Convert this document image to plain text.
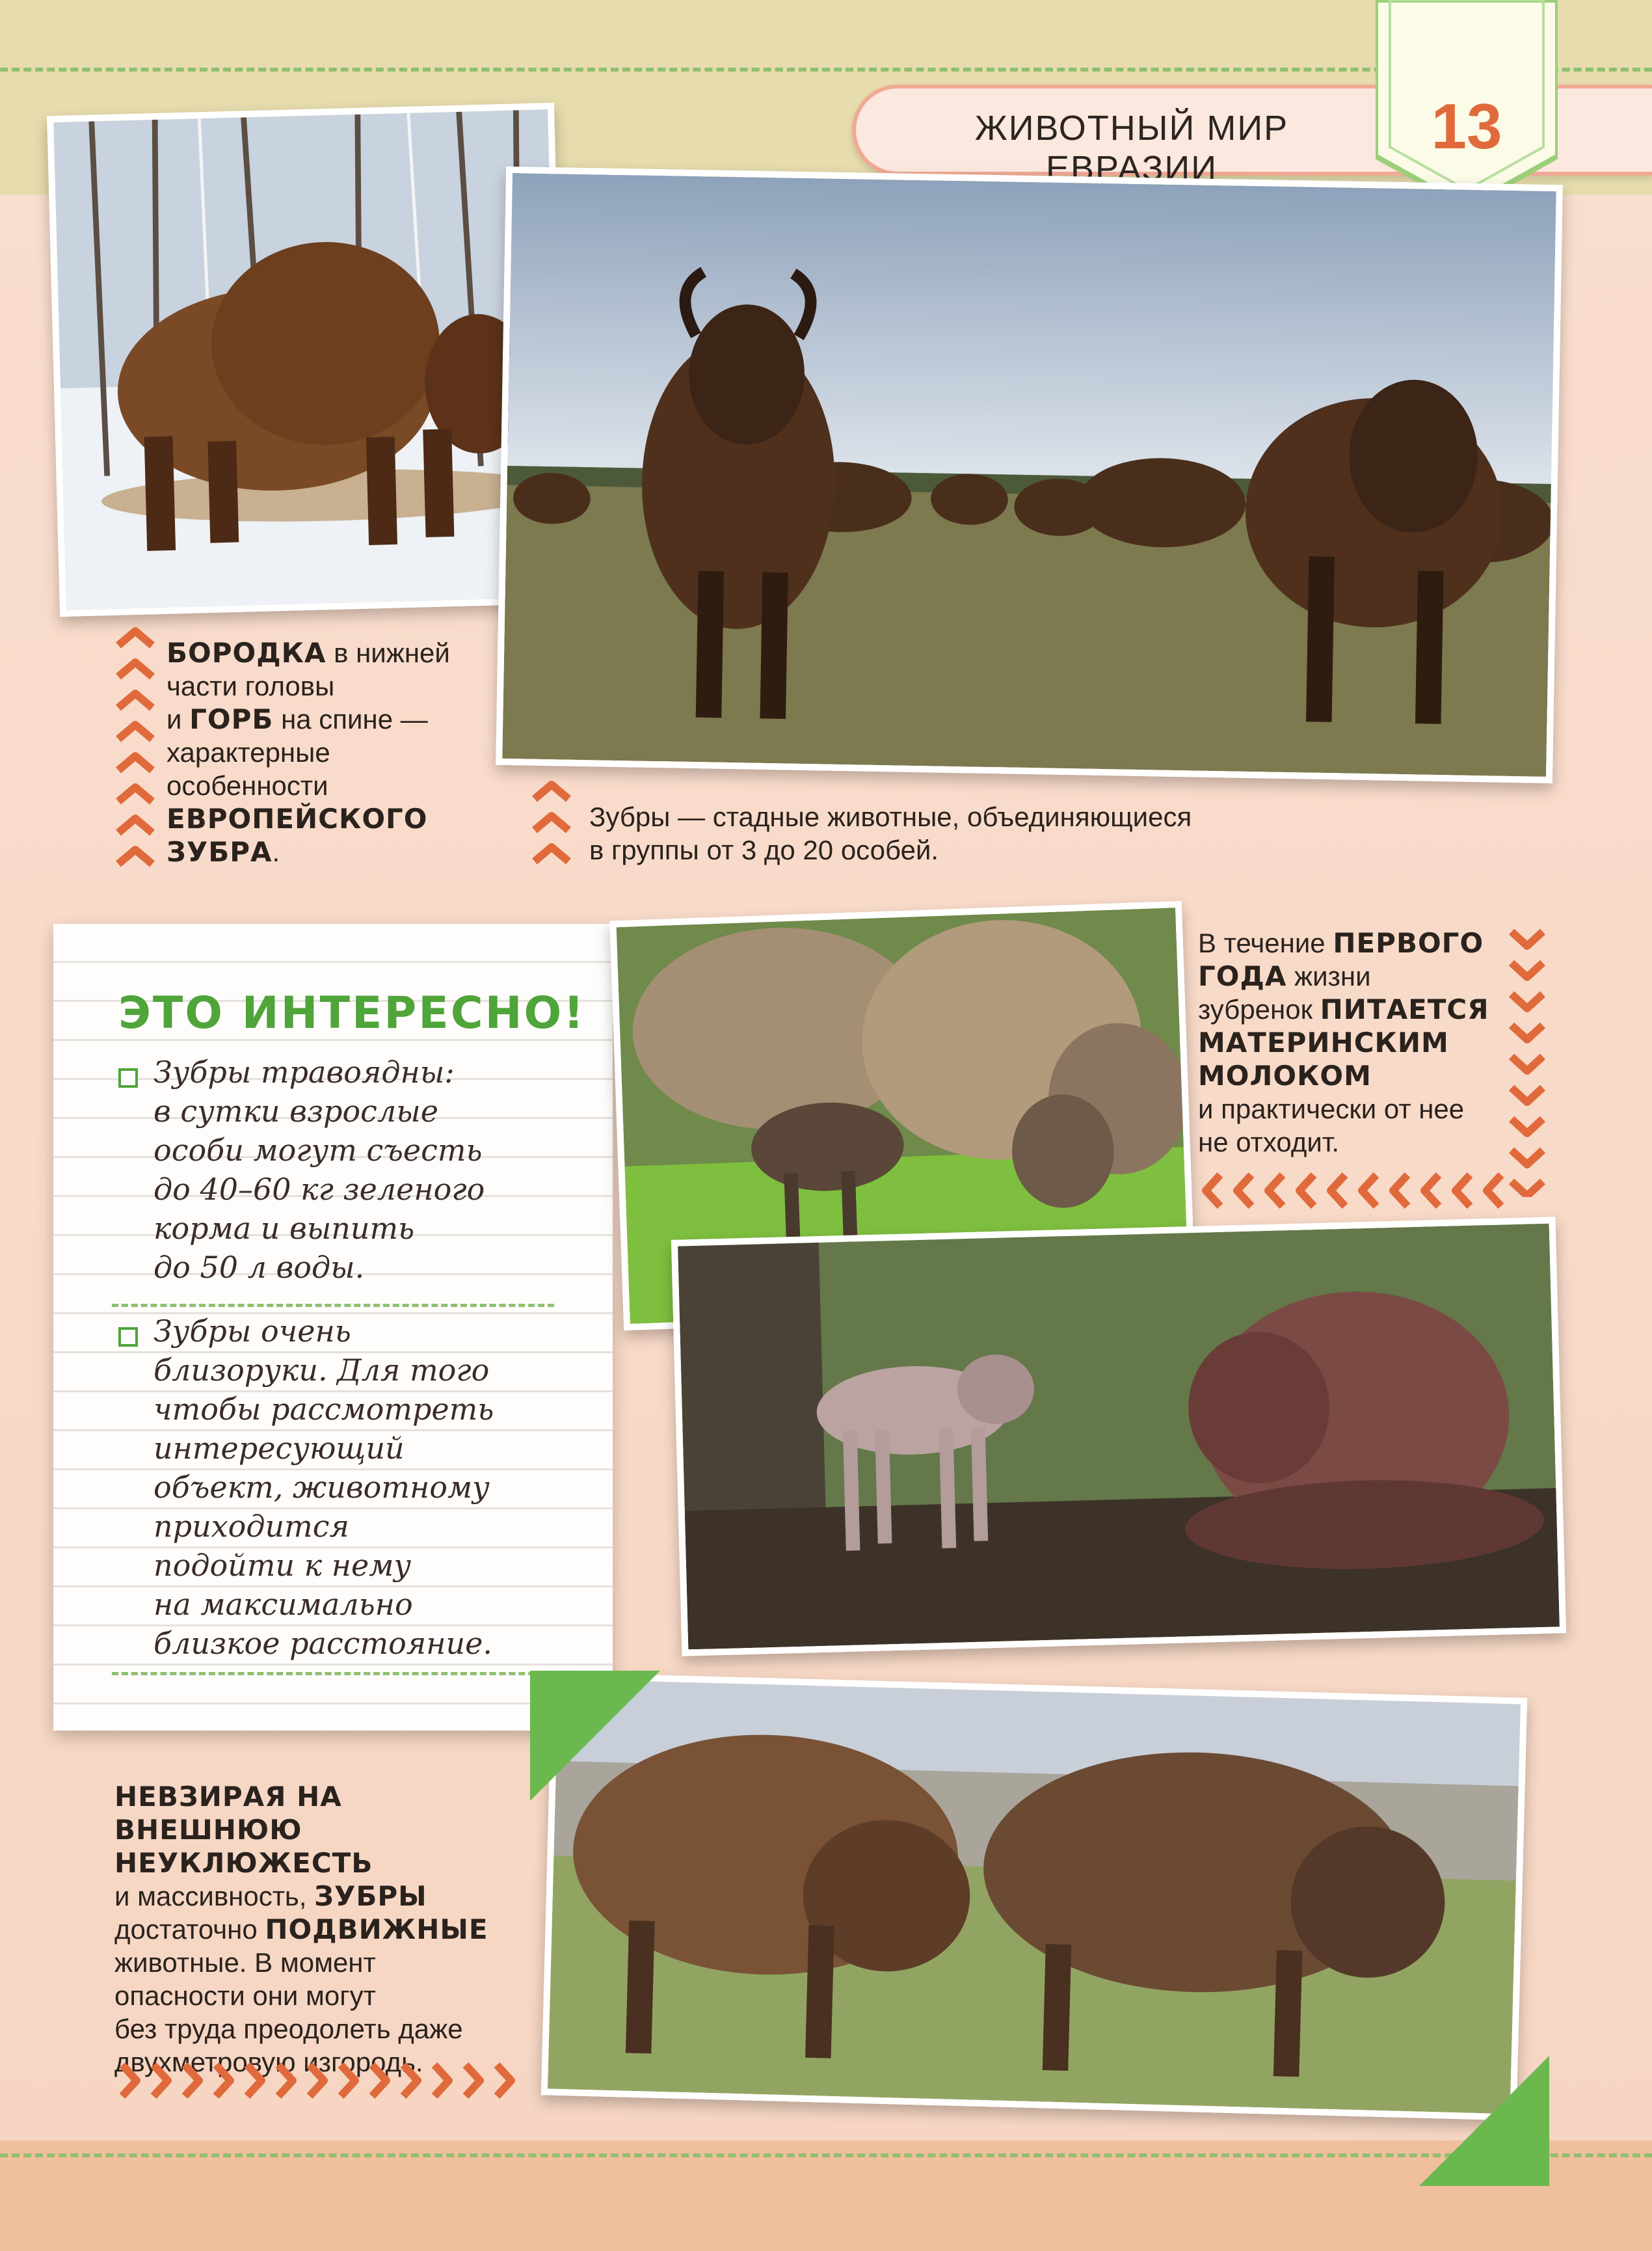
ЖИВОТНЫЙ МИР ЕВРАЗИИ
13
БОРОДКА в нижней
части головы
и ГОРБ на спине —
характерные
особенности
ЕВРОПЕЙСКОГО
ЗУБРА.
Зубры — стадные животные, объединяющиеся
в группы от 3 до 20 особей.
ЭТО ИНТЕРЕСНО!
Зубры травоядны:
в сутки взрослые
особи могут съесть
до 40–60 кг зеленого
корма и выпить
до 50 л воды.
Зубры очень
близоруки. Для того
чтобы рассмотреть
интересующий
объект, животному
приходится
подойти к нему
на максимально
близкое расстояние.
В течение ПЕРВОГО
ГОДА жизни
зубренок ПИТАЕТСЯ
МАТЕРИНСКИМ
МОЛОКОМ
и практически от нее
не отходит.
НЕВЗИРАЯ НА ВНЕШНЮЮ
НЕУКЛЮЖЕСТЬ
и массивность, ЗУБРЫ
достаточно ПОДВИЖНЫЕ
животные. В момент
опасности они могут
без труда преодолеть даже
двухметровую изгородь.
